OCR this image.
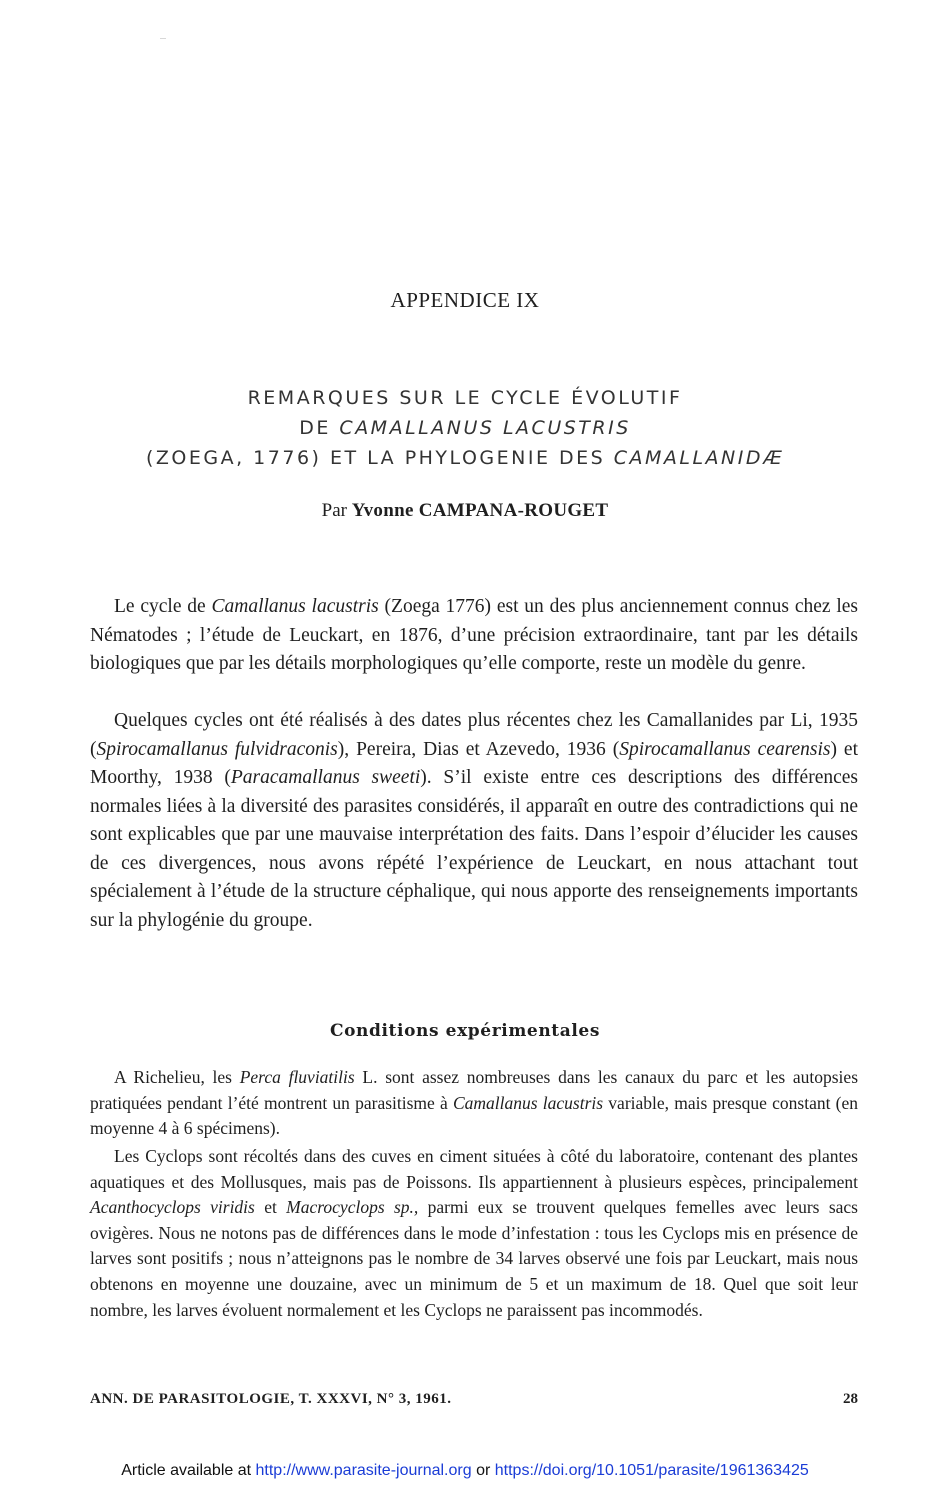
APPENDICE IX
REMARQUES SUR LE CYCLE ÉVOLUTIF
DE CAMALLANUS LACUSTRIS
(ZOEGA, 1776) ET LA PHYLOGENIE DES CAMALLANIDÆ
Par Yvonne CAMPANA-ROUGET
Le cycle de Camallanus lacustris (Zoega 1776) est un des plus anciennement connus chez les Nématodes ; l’étude de Leuckart, en 1876, d’une précision extraordinaire, tant par les détails biologiques que par les détails morphologiques qu’elle comporte, reste un modèle du genre.
Quelques cycles ont été réalisés à des dates plus récentes chez les Camallanides par Li, 1935 (Spirocamallanus fulvidraconis), Pereira, Dias et Azevedo, 1936 (Spirocamallanus cearensis) et Moorthy, 1938 (Paracamallanus sweeti). S’il existe entre ces descriptions des différences normales liées à la diversité des parasites considérés, il apparaît en outre des contradictions qui ne sont explicables que par une mauvaise interprétation des faits. Dans l’espoir d’élucider les causes de ces divergences, nous avons répété l’expérience de Leuckart, en nous attachant tout spécialement à l’étude de la structure céphalique, qui nous apporte des renseignements importants sur la phylogénie du groupe.
Conditions expérimentales
A Richelieu, les Perca fluviatilis L. sont assez nombreuses dans les canaux du parc et les autopsies pratiquées pendant l’été montrent un parasitisme à Camallanus lacustris variable, mais presque constant (en moyenne 4 à 6 spécimens).
Les Cyclops sont récoltés dans des cuves en ciment situées à côté du laboratoire, contenant des plantes aquatiques et des Mollusques, mais pas de Poissons. Ils appartiennent à plusieurs espèces, principalement Acanthocyclops viridis et Macrocyclops sp., parmi eux se trouvent quelques femelles avec leurs sacs ovigères. Nous ne notons pas de différences dans le mode d’infestation : tous les Cyclops mis en présence de larves sont positifs ; nous n’atteignons pas le nombre de 34 larves observé une fois par Leuckart, mais nous obtenons en moyenne une douzaine, avec un minimum de 5 et un maximum de 18. Quel que soit leur nombre, les larves évoluent normalement et les Cyclops ne paraissent pas incommodés.
ANN. DE PARASITOLOGIE, T. XXXVI, N° 3, 1961.	28
Article available at http://www.parasite-journal.org or https://doi.org/10.1051/parasite/1961363425
